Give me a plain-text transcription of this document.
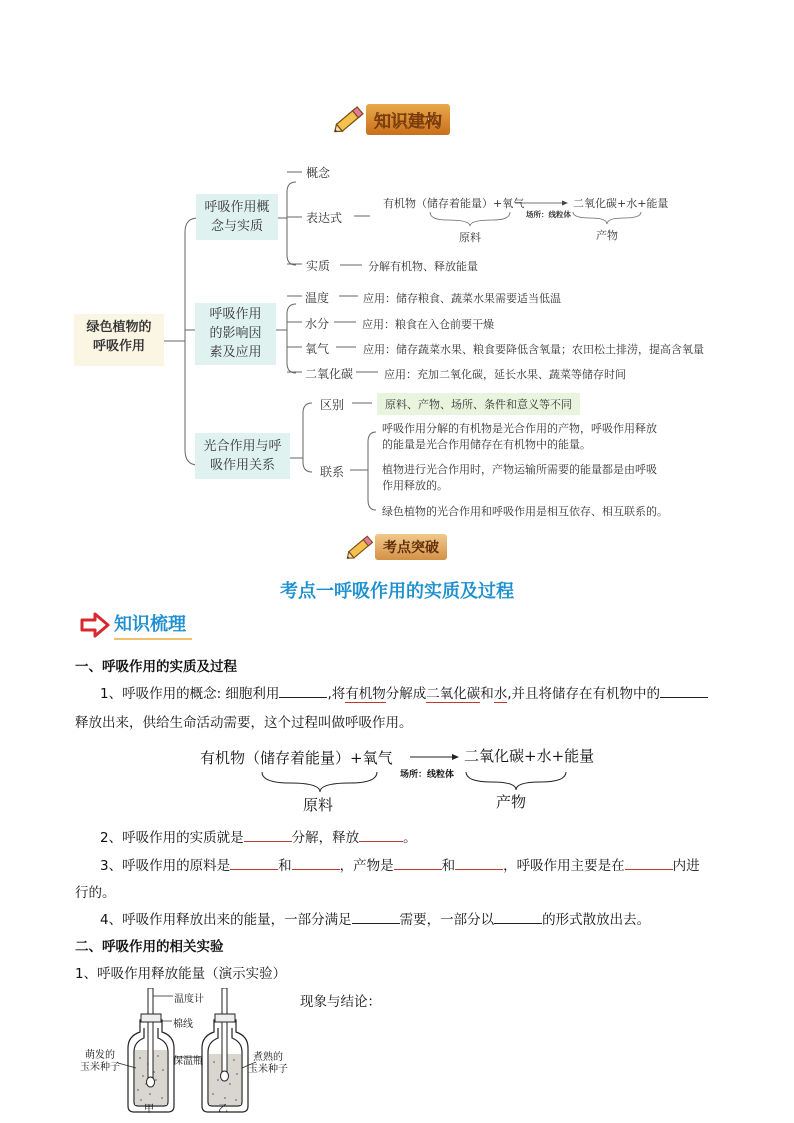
知识建构
绿色植物的
呼吸作用
呼吸作用概
念与实质
呼吸作用
的影响因
素及应用
光合作用与呼
吸作用关系
概念
表达式
实质
有机物（储存着能量）+氧气
场所：线粒体
二氧化碳+水+能量
原料	产物
分解有机物、释放能量
温度	应用：储存粮食、蔬菜水果需要适当低温
水分	应用：粮食在入仓前要干燥
氧气	应用：储存蔬菜水果、粮食要降低含氧量；农田松土排涝，提高含氧量
二氧化碳	应用：充加二氧化碳，延长水果、蔬菜等储存时间
区别	原料、产物、场所、条件和意义等不同
联系
呼吸作用分解的有机物是光合作用的产物，呼吸作用释放
的能量是光合作用储存在有机物中的能量。
植物进行光合作用时，产物运输所需要的能量都是由呼吸
作用释放的。
绿色植物的光合作用和呼吸作用是相互依存、相互联系的。
考点突破
考点一呼吸作用的实质及过程
知识梳理
一、呼吸作用的实质及过程
1、呼吸作用的概念: 细胞利用	,将有机物分解成二氧化碳和水,并且将储存在有机物中的
释放出来，供给生命活动需要，这个过程叫做呼吸作用。
有机物（储存着能量）+氧气	二氧化碳+水+能量
场所：线粒体
原料	产物
2、呼吸作用的实质就是	分解，释放	。
3、呼吸作用的原料是	和	，产物是	和	，呼吸作用主要是在	内进
行的。
4、呼吸作用释放出来的能量，一部分满足	需要，一部分以	的形式散放出去。
二、呼吸作用的相关实验
1、呼吸作用释放能量（演示实验）
现象与结论：
温度计
棉线
保温瓶
萌发的
玉米种子
煮熟的
玉米种子
甲	乙
